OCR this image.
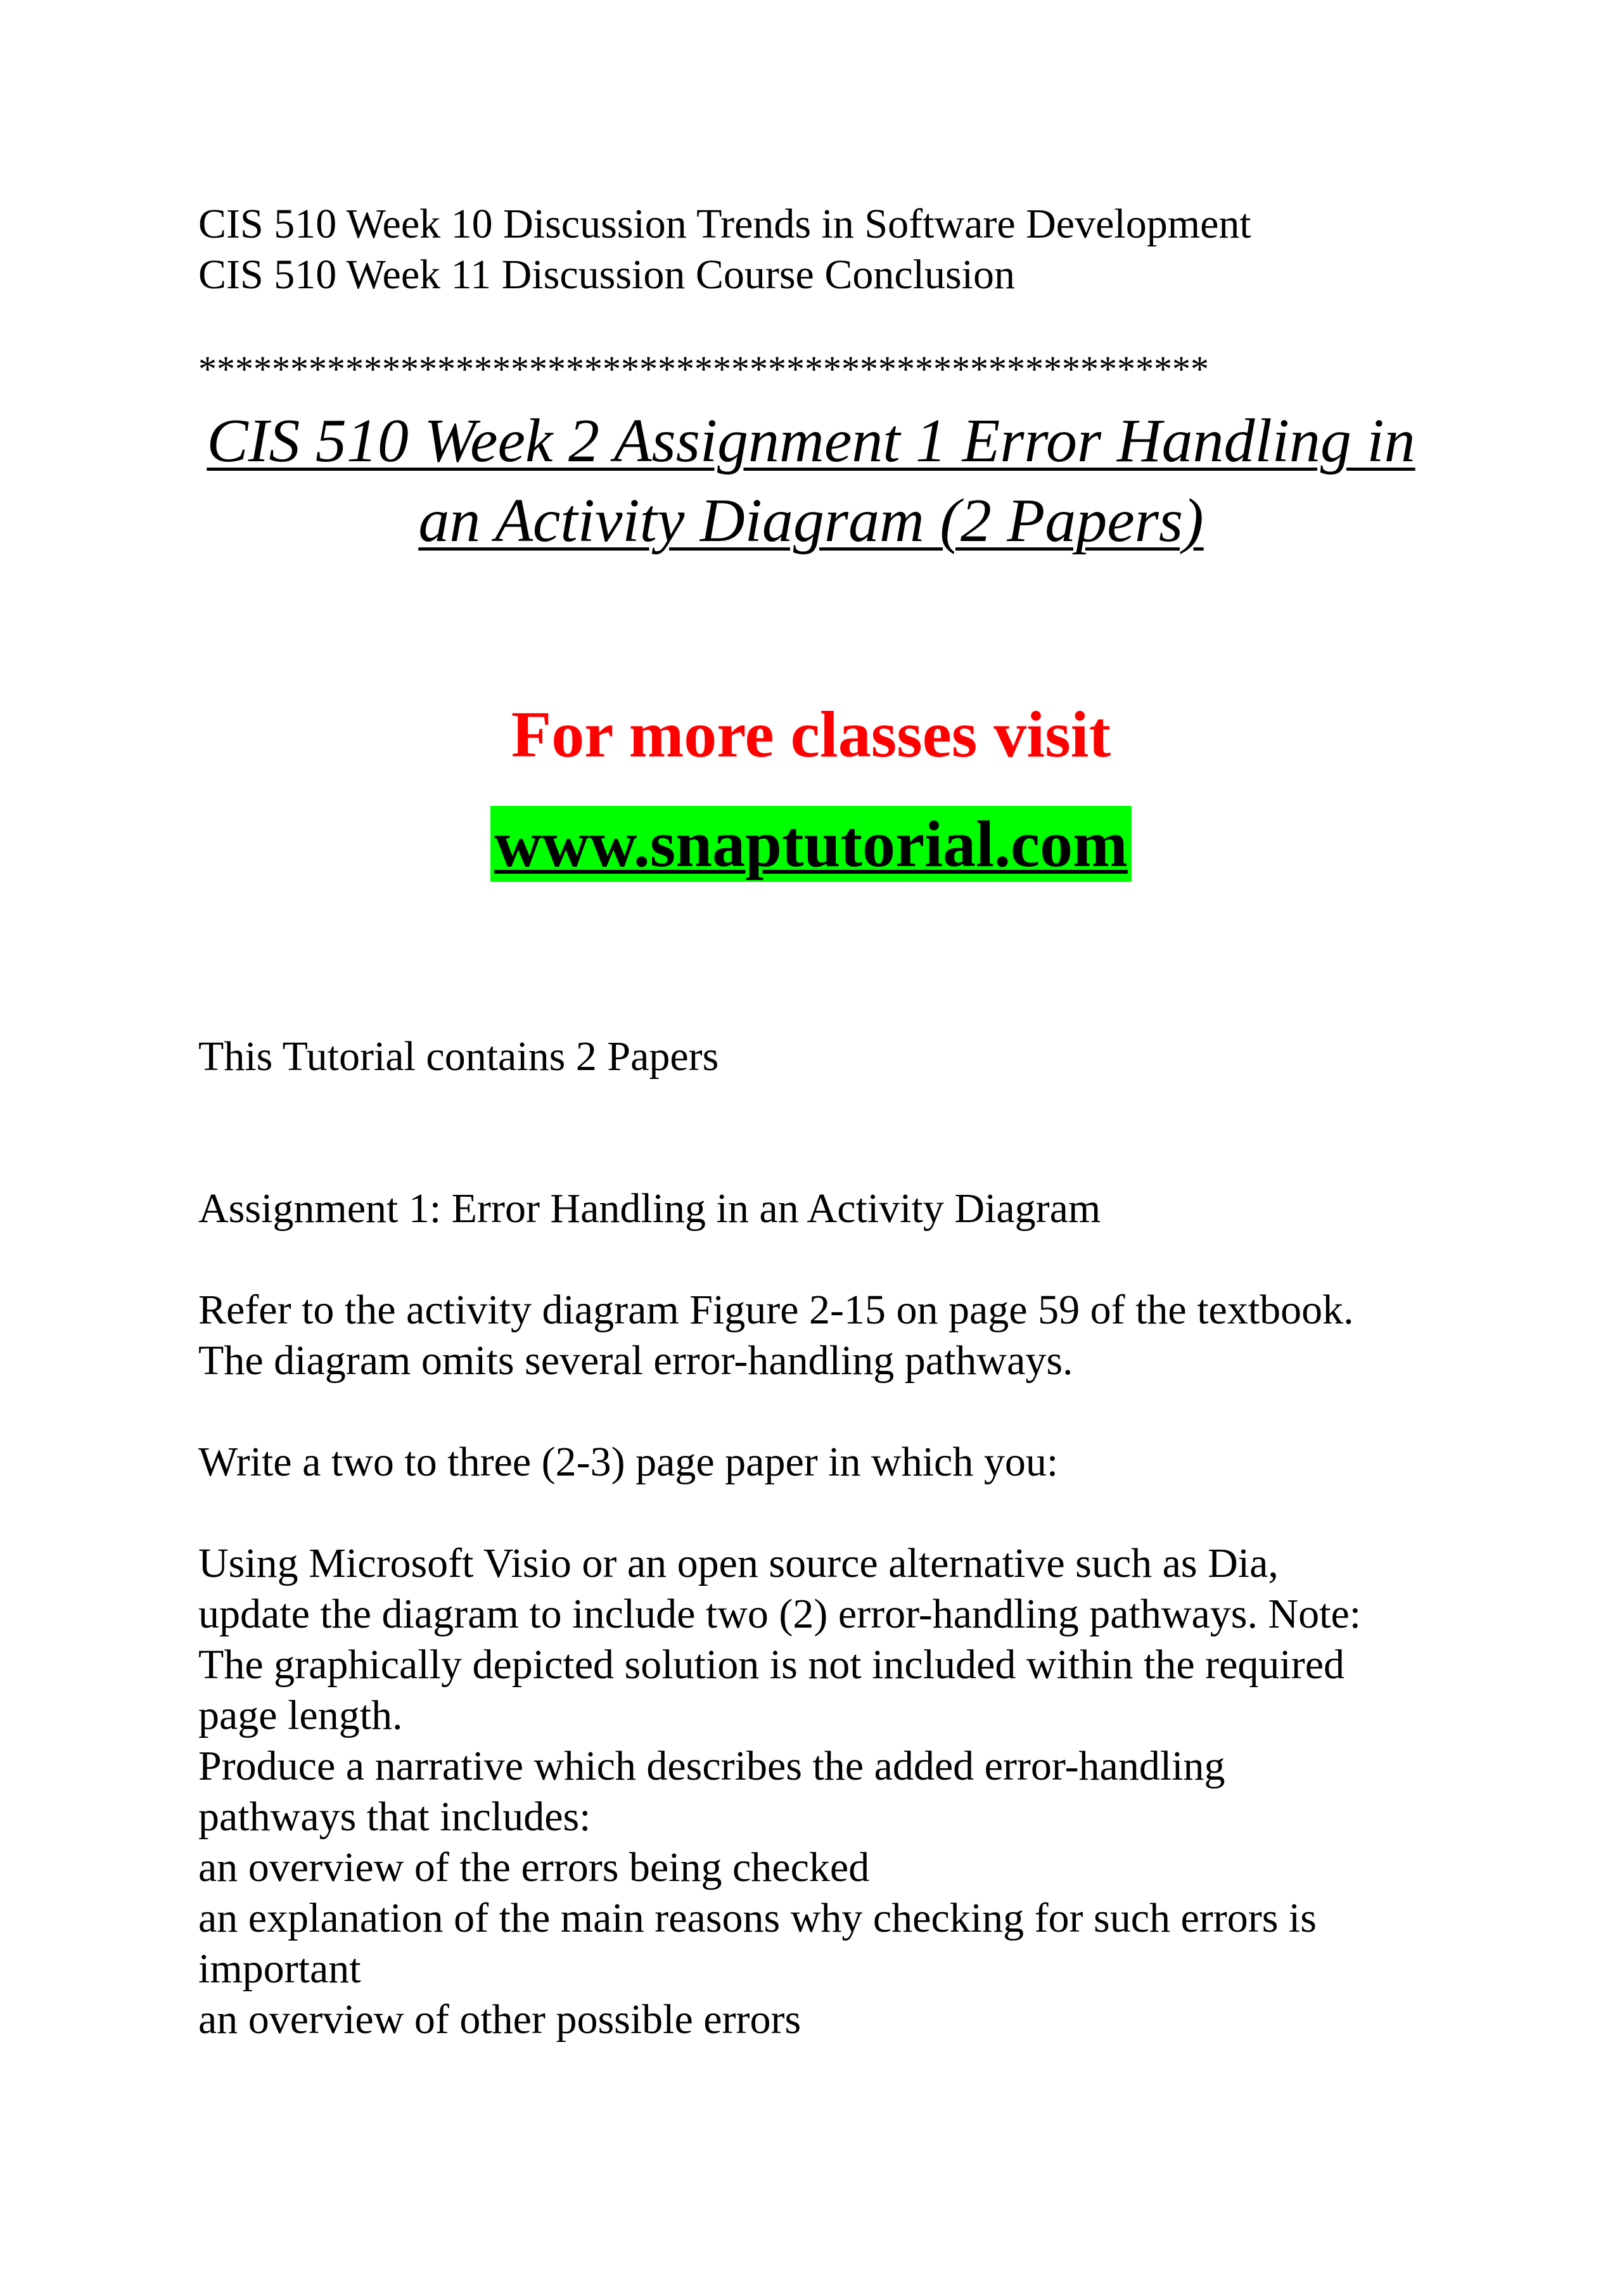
CIS 510 Week 10 Discussion Trends in Software Development

CIS 510 Week 11 Discussion Course Conclusion

*******************************************************

CIS 510 Week 2 Assignment 1 Error Handling in

an Activity Diagram (2 Papers)

For more classes visit

www.snaptutorial.com

This Tutorial contains 2 Papers

Assignment 1: Error Handling in an Activity Diagram

Refer to the activity diagram Figure 2-15 on page 59 of the textbook.

The diagram omits several error-handling pathways.

Write a two to three (2-3) page paper in which you:

Using Microsoft Visio or an open source alternative such as Dia,

update the diagram to include two (2) error-handling pathways. Note:

The graphically depicted solution is not included within the required

page length.

Produce a narrative which describes the added error-handling

pathways that includes:

an overview of the errors being checked

an explanation of the main reasons why checking for such errors is

important

an overview of other possible errors
